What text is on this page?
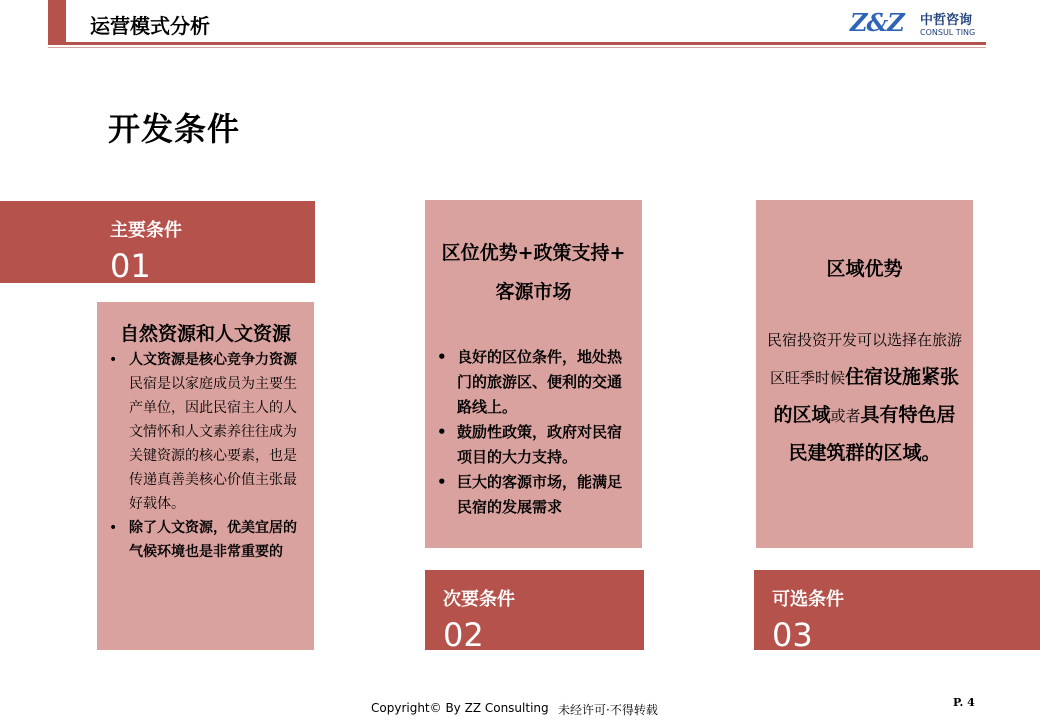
运营模式分析	Z&Z 中哲咨询
CONSUL TING
开发条件
主要条件
01
自然资源和人文资源
• 人文资源是核心竞争力资源
民宿是以家庭成员为主要生产单位，因此民宿主人的人文情怀和人文素养往往成为关键资源的核心要素，也是传递真善美核心价值主张最好载体。
• 除了人文资源，优美宜居的气候环境也是非常重要的
区位优势+政策支持+
客源市场
• 良好的区位条件，地处热门的旅游区、便利的交通路线上。
• 鼓励性政策，政府对民宿项目的大力支持。
• 巨大的客源市场，能满足民宿的发展需求
次要条件
02
区域优势
民宿投资开发可以选择在旅游区旺季时候住宿设施紧张的区域或者具有特色居民建筑群的区域。
可选条件
03
Copyright© By ZZ Consulting 未经许可·不得转载
P. 4
